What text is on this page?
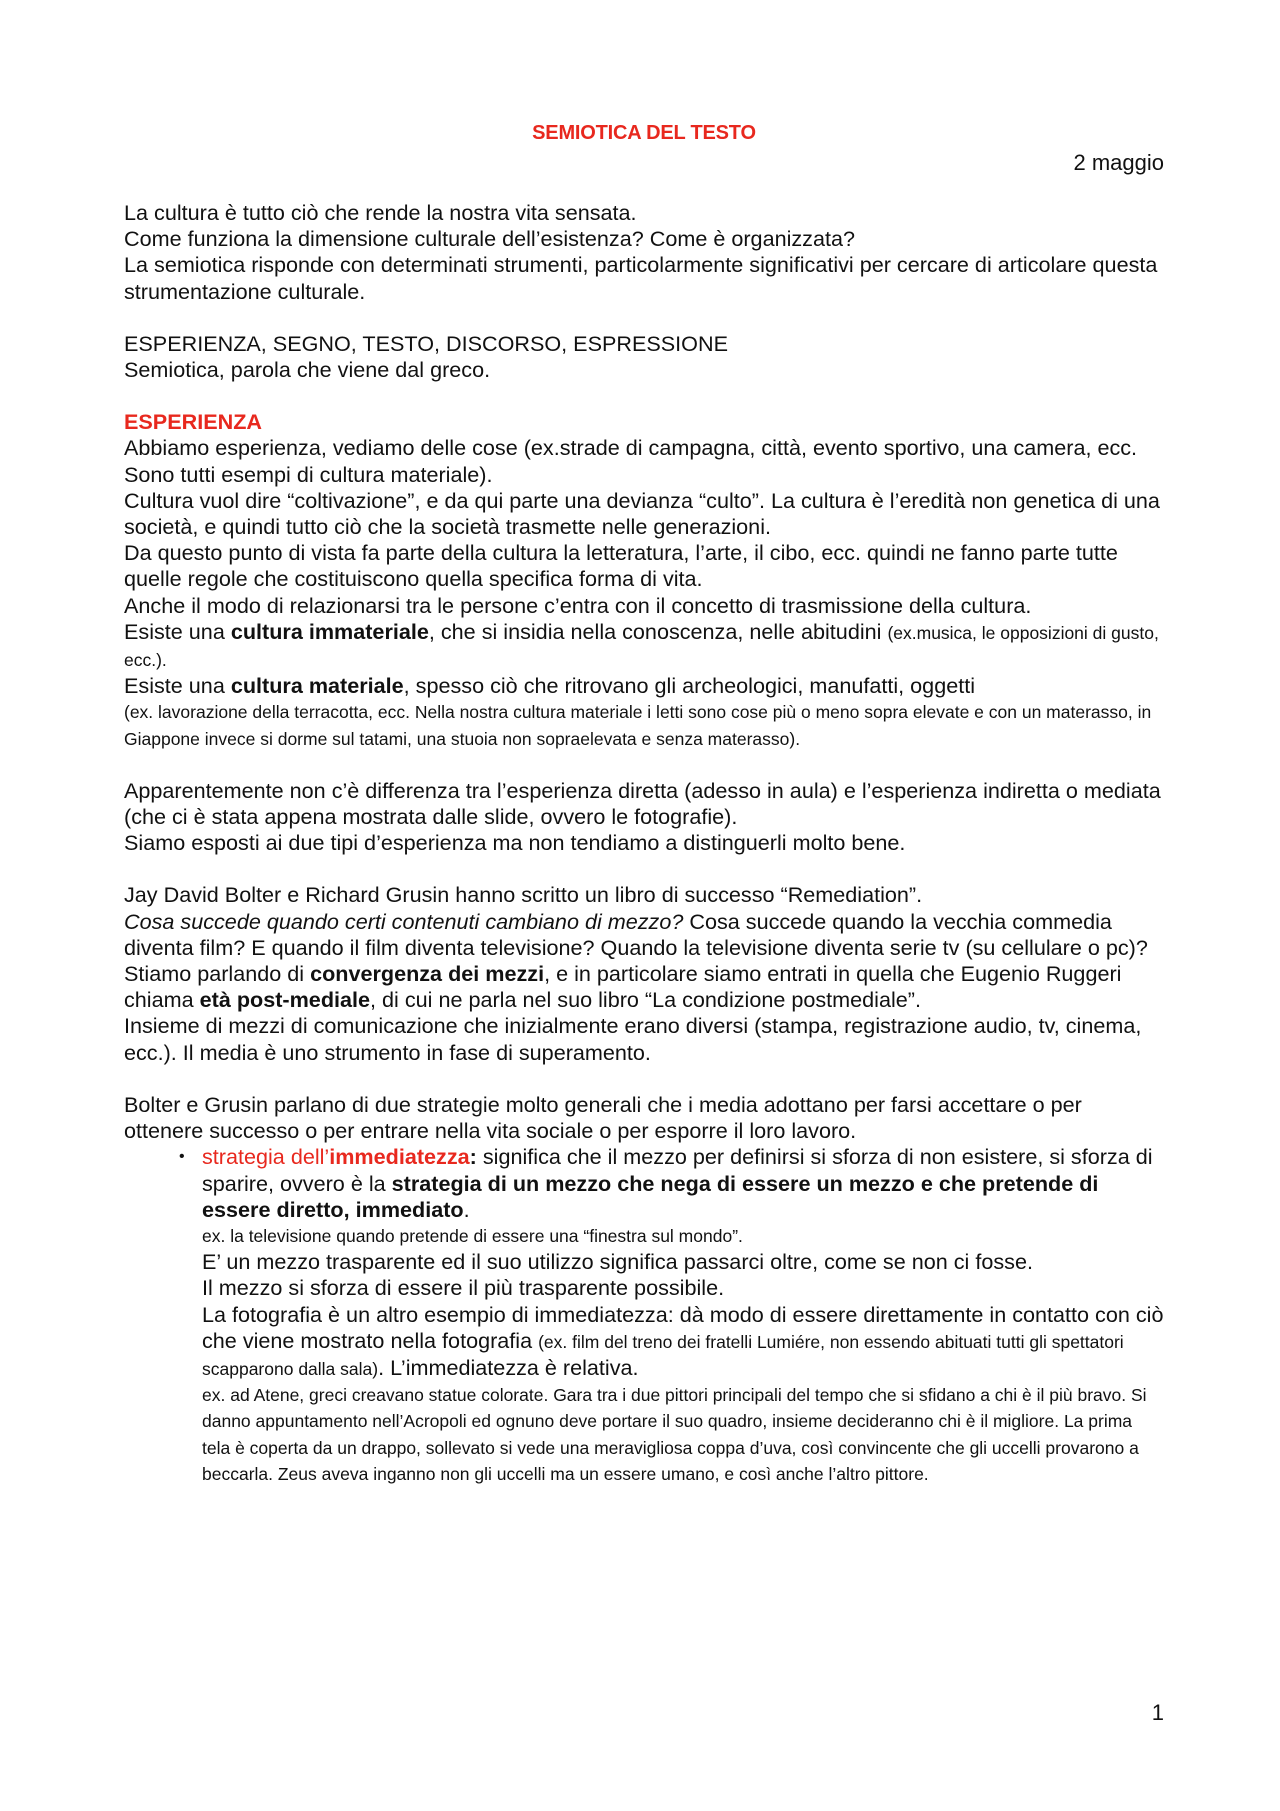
SEMIOTICA DEL TESTO
2 maggio

La cultura è tutto ciò che rende la nostra vita sensata.

Come funziona la dimensione culturale dell’esistenza? Come è organizzata?

La semiotica risponde con determinati strumenti, particolarmente significativi per cercare di articolare questa strumentazione culturale.

ESPERIENZA, SEGNO, TESTO, DISCORSO, ESPRESSIONE

Semiotica, parola che viene dal greco.

ESPERIENZA

Abbiamo esperienza, vediamo delle cose (ex.strade di campagna, città, evento sportivo, una camera, ecc. Sono tutti esempi di cultura materiale).

Cultura vuol dire “coltivazione”, e da qui parte una devianza “culto”. La cultura è l’eredità non genetica di una società, e quindi tutto ciò che la società trasmette nelle generazioni.

Da questo punto di vista fa parte della cultura la letteratura, l’arte, il cibo, ecc. quindi ne fanno parte tutte quelle regole che costituiscono quella specifica forma di vita.

Anche il modo di relazionarsi tra le persone c’entra con il concetto di trasmissione della cultura.

Esiste una cultura immateriale, che si insidia nella conoscenza, nelle abitudini (ex.musica, le opposizioni di gusto, ecc.).

Esiste una cultura materiale, spesso ciò che ritrovano gli archeologici, manufatti, oggetti

(ex. lavorazione della terracotta, ecc. Nella nostra cultura materiale i letti sono cose più o meno sopra elevate e con un materasso, in Giappone invece si dorme sul tatami, una stuoia non sopraelevata e senza materasso).

Apparentemente non c’è differenza tra l’esperienza diretta (adesso in aula) e l’esperienza indiretta o mediata (che ci è stata appena mostrata dalle slide, ovvero le fotografie).

Siamo esposti ai due tipi d’esperienza ma non tendiamo a distinguerli molto bene.

Jay David Bolter e Richard Grusin hanno scritto un libro di successo “Remediation”.

Cosa succede quando certi contenuti cambiano di mezzo? Cosa succede quando la vecchia commedia diventa film? E quando il film diventa televisione? Quando la televisione diventa serie tv (su cellulare o pc)?

Stiamo parlando di convergenza dei mezzi, e in particolare siamo entrati in quella che Eugenio Ruggeri chiama età post-mediale, di cui ne parla nel suo libro “La condizione postmediale”.

Insieme di mezzi di comunicazione che inizialmente erano diversi (stampa, registrazione audio, tv, cinema, ecc.). Il media è uno strumento in fase di superamento.

Bolter e Grusin parlano di due strategie molto generali che i media adottano per farsi accettare o per ottenere successo o per entrare nella vita sociale o per esporre il loro lavoro.

• strategia dell’immediatezza: significa che il mezzo per definirsi si sforza di non esistere, si sforza di sparire, ovvero è la strategia di un mezzo che nega di essere un mezzo e che pretende di essere diretto, immediato.
ex. la televisione quando pretende di essere una “finestra sul mondo”.
E’ un mezzo trasparente ed il suo utilizzo significa passarci oltre, come se non ci fosse.
Il mezzo si sforza di essere il più trasparente possibile.
La fotografia è un altro esempio di immediatezza: dà modo di essere direttamente in contatto con ciò che viene mostrato nella fotografia (ex. film del treno dei fratelli Lumiére, non essendo abituati tutti gli spettatori scapparono dalla sala). L’immediatezza è relativa.
ex. ad Atene, greci creavano statue colorate. Gara tra i due pittori principali del tempo che si sfidano a chi è il più bravo. Si danno appuntamento nell’Acropoli ed ognuno deve portare il suo quadro, insieme decideranno chi è il migliore. La prima tela è coperta da un drappo, sollevato si vede una meravigliosa coppa d’uva, così convincente che gli uccelli provarono a beccarla. Zeus aveva inganno non gli uccelli ma un essere umano, e così anche l’altro pittore.
1
